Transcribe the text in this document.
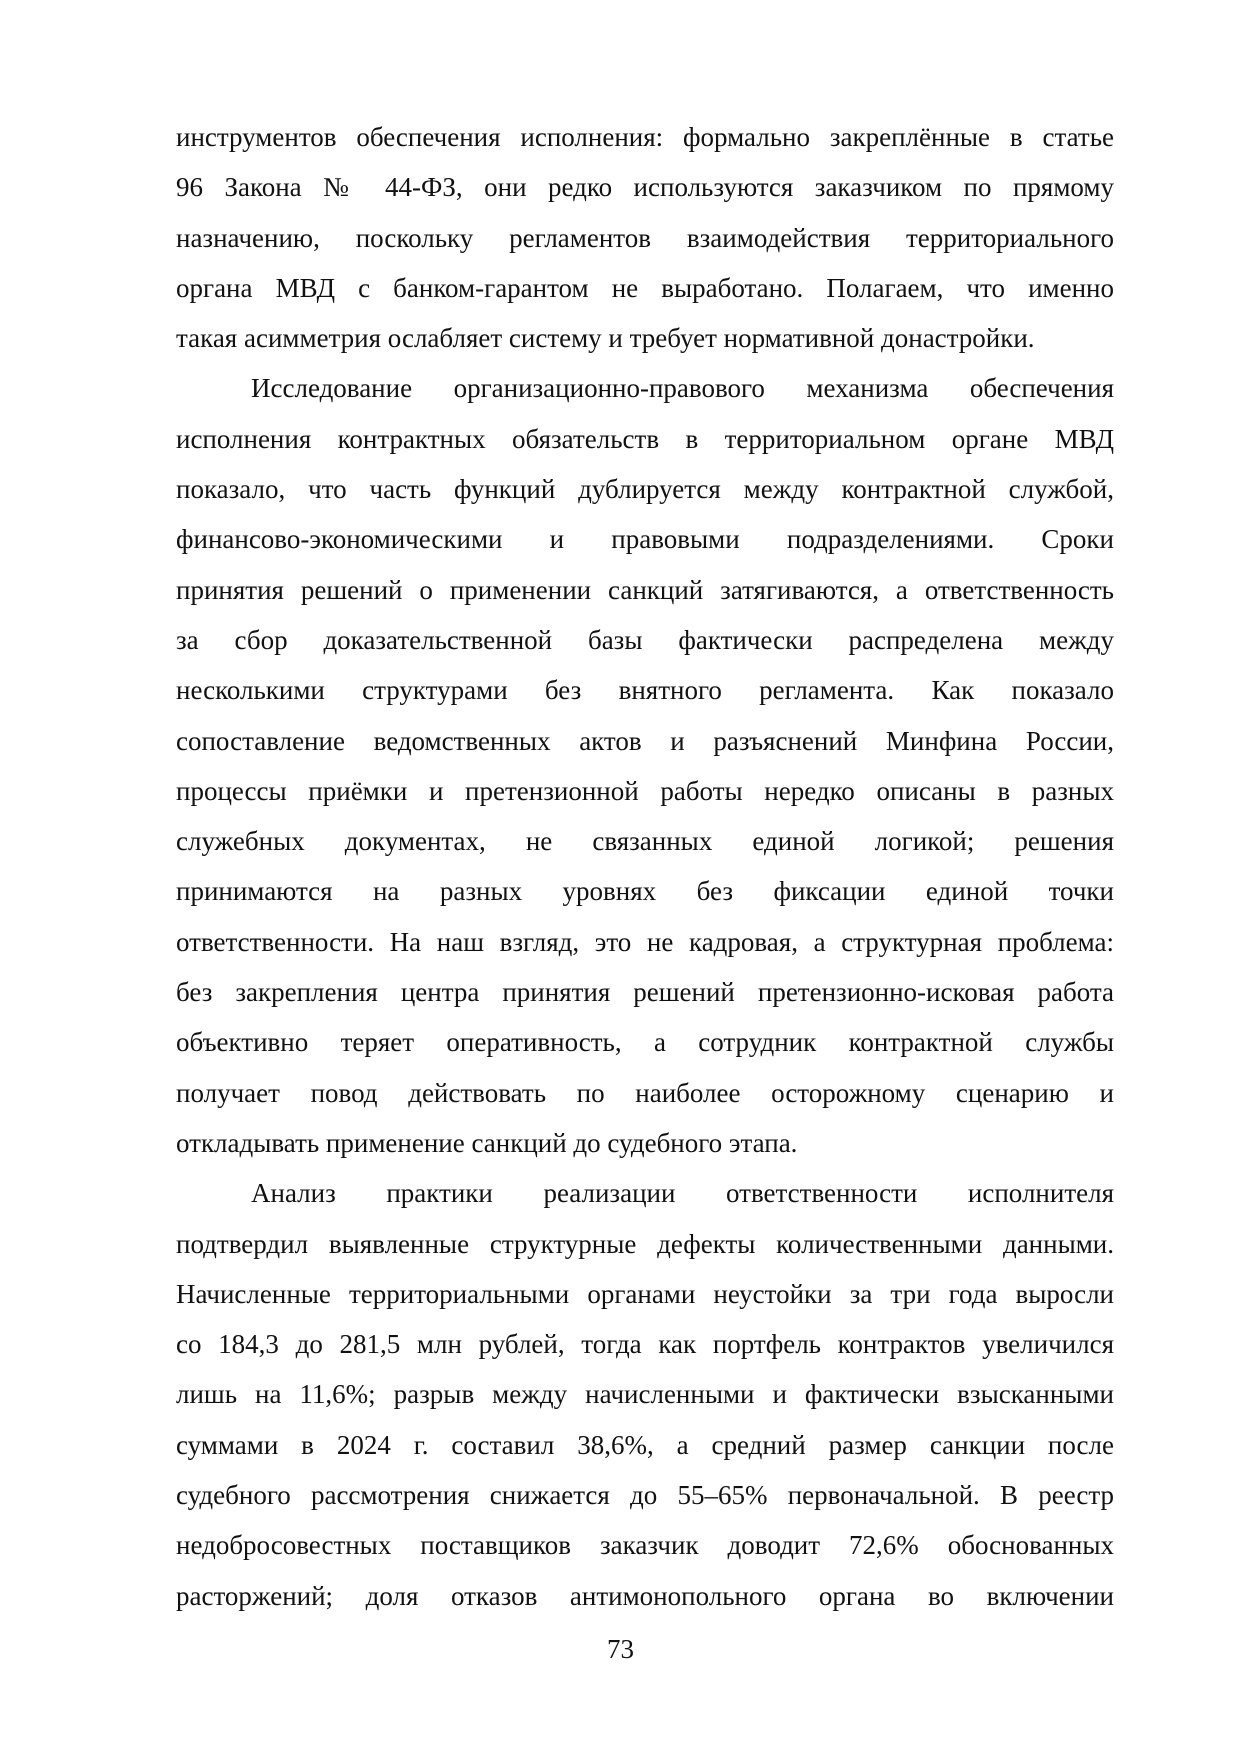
инструментов обеспечения исполнения: формально закреплённые в статье
96 Закона № 44-ФЗ, они редко используются заказчиком по прямому
назначению, поскольку регламентов взаимодействия территориального
органа МВД с банком-гарантом не выработано. Полагаем, что именно
такая асимметрия ослабляет систему и требует нормативной донастройки.
Исследование организационно-правового механизма обеспечения
исполнения контрактных обязательств в территориальном органе МВД
показало, что часть функций дублируется между контрактной службой,
финансово-экономическими и правовыми подразделениями. Сроки
принятия решений о применении санкций затягиваются, а ответственность
за сбор доказательственной базы фактически распределена между
несколькими структурами без внятного регламента. Как показало
сопоставление ведомственных актов и разъяснений Минфина России,
процессы приёмки и претензионной работы нередко описаны в разных
служебных документах, не связанных единой логикой; решения
принимаются на разных уровнях без фиксации единой точки
ответственности. На наш взгляд, это не кадровая, а структурная проблема:
без закрепления центра принятия решений претензионно-исковая работа
объективно теряет оперативность, а сотрудник контрактной службы
получает повод действовать по наиболее осторожному сценарию и
откладывать применение санкций до судебного этапа.
Анализ практики реализации ответственности исполнителя
подтвердил выявленные структурные дефекты количественными данными.
Начисленные территориальными органами неустойки за три года выросли
со 184,3 до 281,5 млн рублей, тогда как портфель контрактов увеличился
лишь на 11,6%; разрыв между начисленными и фактически взысканными
суммами в 2024 г. составил 38,6%, а средний размер санкции после
судебного рассмотрения снижается до 55–65% первоначальной. В реестр
недобросовестных поставщиков заказчик доводит 72,6% обоснованных
расторжений; доля отказов антимонопольного органа во включении
73
